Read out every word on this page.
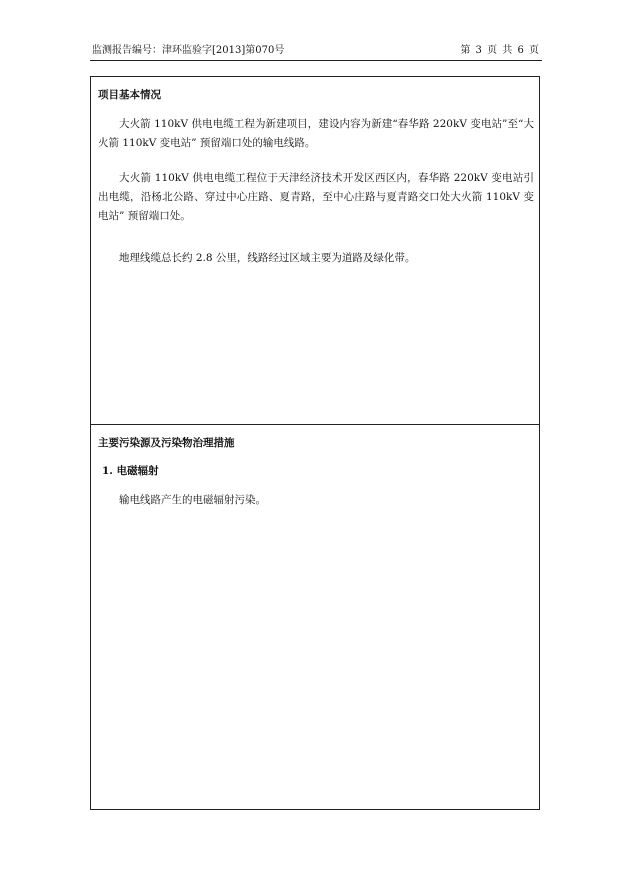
监测报告编号：津环监验字[2013]第070号	第 3 页 共 6 页
项目基本情况

大火箭 110kV 供电电缆工程为新建项目，建设内容为新建“春华路 220kV 变电站”至“大火箭 110kV 变电站” 预留端口处的输电线路。

大火箭 110kV 供电电缆工程位于天津经济技术开发区西区内，春华路 220kV 变电站引出电缆，沿杨北公路、穿过中心庄路、夏青路，至中心庄路与夏青路交口处大火箭 110kV 变电站” 预留端口处。

地理线缆总长约 2.8 公里，线路经过区域主要为道路及绿化带。

主要污染源及污染物治理措施
1. 电磁辐射

输电线路产生的电磁辐射污染。
